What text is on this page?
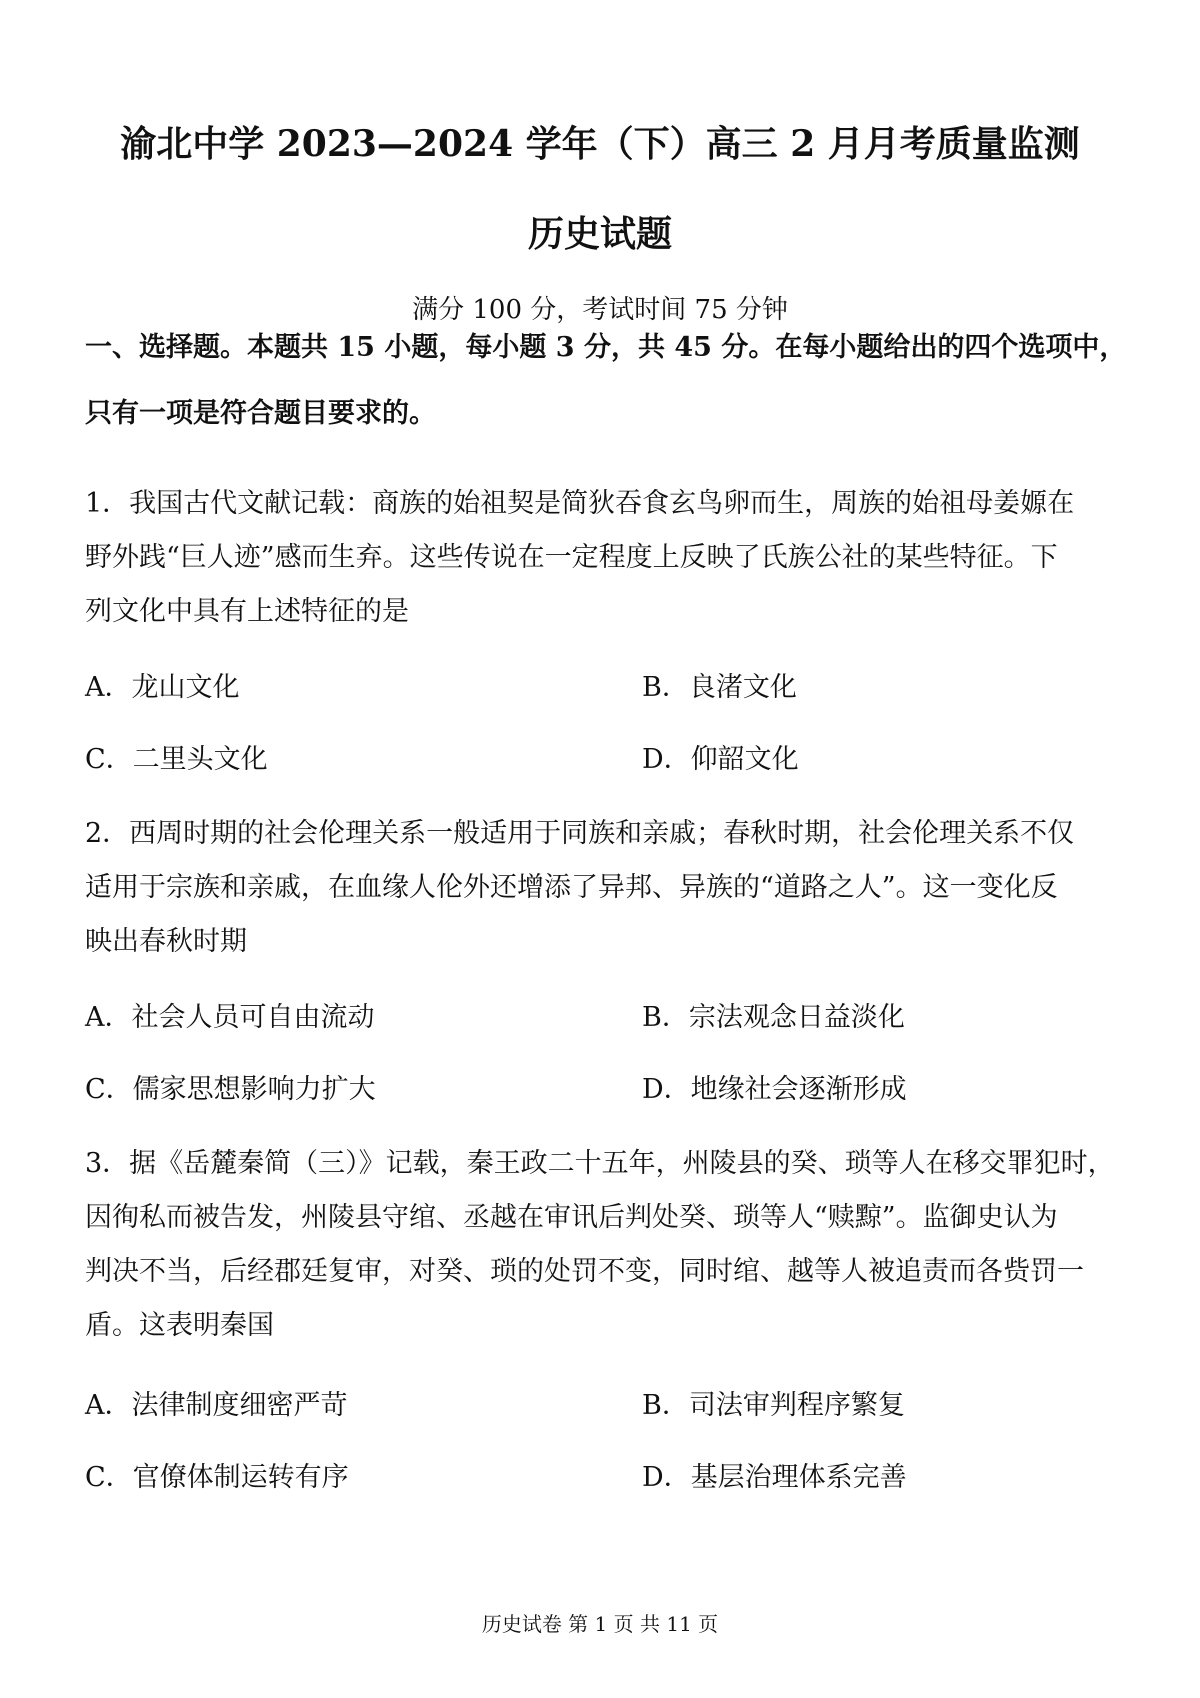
渝北中学 2023—2024 学年（下）高三 2 月月考质量监测
历史试题
满分 100 分，考试时间 75 分钟
一、选择题。本题共 15 小题，每小题 3 分，共 45 分。在每小题给出的四个选项中，
只有一项是符合题目要求的。
1．我国古代文献记载：商族的始祖契是简狄吞食玄鸟卵而生，周族的始祖母姜嫄在
野外践“巨人迹”感而生弃。这些传说在一定程度上反映了氏族公社的某些特征。下
列文化中具有上述特征的是
A．龙山文化	B．良渚文化
C．二里头文化	D．仰韶文化
2．西周时期的社会伦理关系一般适用于同族和亲戚；春秋时期，社会伦理关系不仅
适用于宗族和亲戚，在血缘人伦外还增添了异邦、异族的“道路之人”。这一变化反
映出春秋时期
A．社会人员可自由流动	B．宗法观念日益淡化
C．儒家思想影响力扩大	D．地缘社会逐渐形成
3．据《岳麓秦简（三）》记载，秦王政二十五年，州陵县的癸、琐等人在移交罪犯时，
因徇私而被告发，州陵县守绾、丞越在审讯后判处癸、琐等人“赎黥”。监御史认为
判决不当，后经郡廷复审，对癸、琐的处罚不变，同时绾、越等人被追责而各赀罚一
盾。这表明秦国
A．法律制度细密严苛	B．司法审判程序繁复
C．官僚体制运转有序	D．基层治理体系完善
历史试卷 第 1 页 共 11 页
